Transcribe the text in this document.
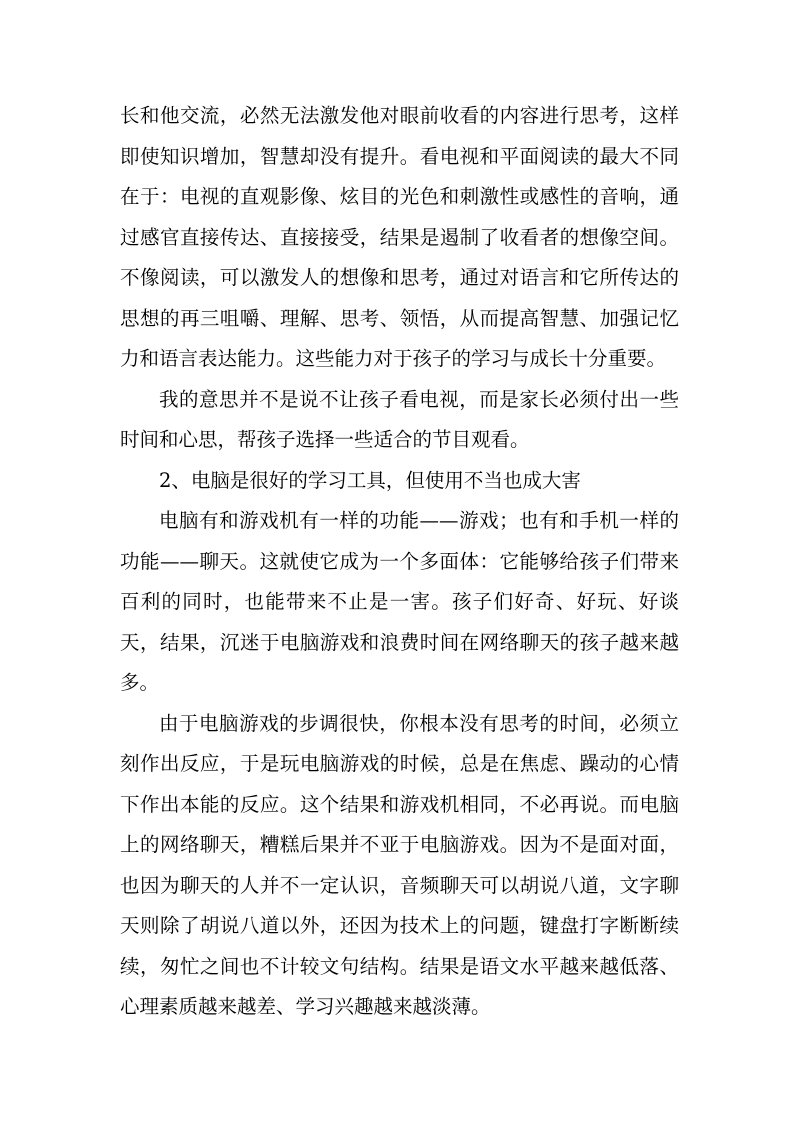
长和他交流，必然无法激发他对眼前收看的内容进行思考，这样即使知识增加，智慧却没有提升。看电视和平面阅读的最大不同在于：电视的直观影像、炫目的光色和刺激性或感性的音响，通过感官直接传达、直接接受，结果是遏制了收看者的想像空间。不像阅读，可以激发人的想像和思考，通过对语言和它所传达的思想的再三咀嚼、理解、思考、领悟，从而提高智慧、加强记忆力和语言表达能力。这些能力对于孩子的学习与成长十分重要。

我的意思并不是说不让孩子看电视，而是家长必须付出一些时间和心思，帮孩子选择一些适合的节目观看。

2、电脑是很好的学习工具，但使用不当也成大害

电脑有和游戏机有一样的功能——游戏；也有和手机一样的功能——聊天。这就使它成为一个多面体：它能够给孩子们带来百利的同时，也能带来不止是一害。孩子们好奇、好玩、好谈天，结果，沉迷于电脑游戏和浪费时间在网络聊天的孩子越来越多。

由于电脑游戏的步调很快，你根本没有思考的时间，必须立刻作出反应，于是玩电脑游戏的时候，总是在焦虑、躁动的心情下作出本能的反应。这个结果和游戏机相同，不必再说。而电脑上的网络聊天，糟糕后果并不亚于电脑游戏。因为不是面对面，也因为聊天的人并不一定认识，音频聊天可以胡说八道，文字聊天则除了胡说八道以外，还因为技术上的问题，键盘打字断断续续，匆忙之间也不计较文句结构。结果是语文水平越来越低落、心理素质越来越差、学习兴趣越来越淡薄。
